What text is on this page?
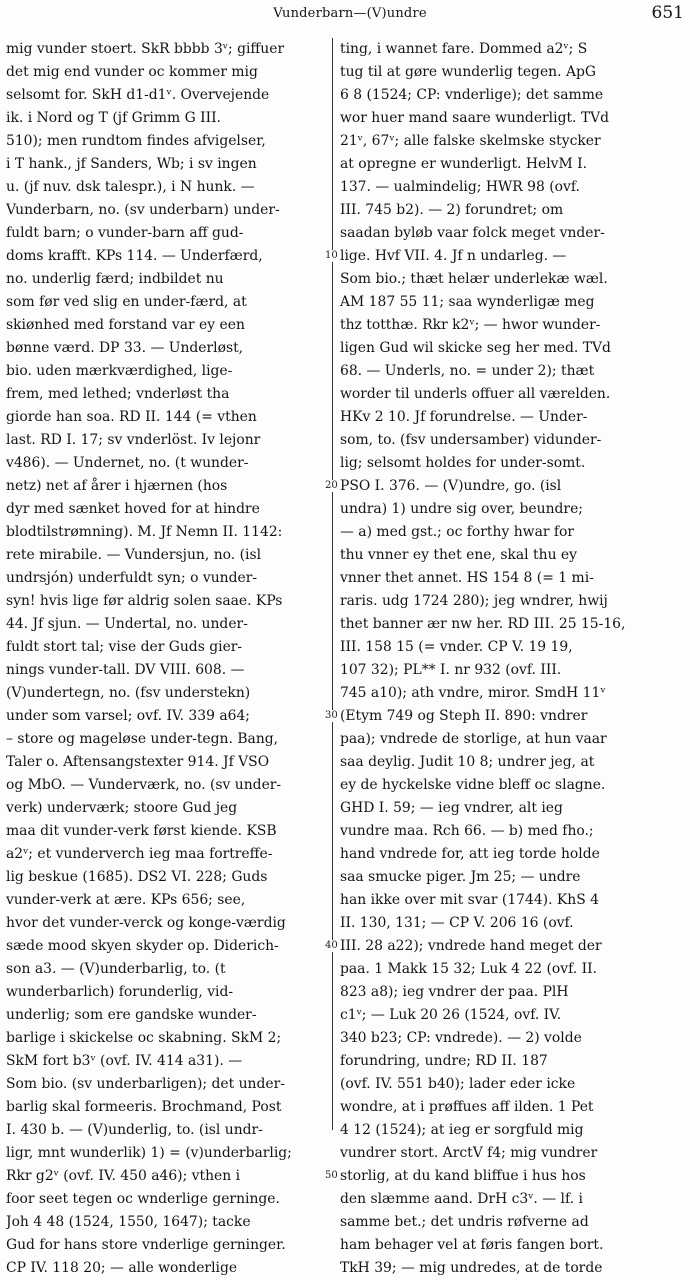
Vunderbarn—(V)undre	651
mig vunder stoert. SkR bbbb 3ᵛ; giffuer
det mig end vunder oc kommer mig
selsomt for. SkH d1-d1ᵛ. Overvejende
ik. i Nord og T (jf Grimm G III.
510); men rundtom findes afvigelser,
i T hank., jf Sanders, Wb; i sv ingen
u. (jf nuv. dsk talespr.), i N hunk. —
Vunderbarn, no. (sv underbarn) under-
fuldt barn; o vunder-barn aff gud-
doms krafft. KPs 114. — Underfærd,
no. underlig færd; indbildet nu
som før ved slig en under-færd, at
skiønhed med forstand var ey een
bønne værd. DP 33. — Underløst,
bio. uden mærkværdighed, lige-
frem, med lethed; vnderløst tha
giorde han soa. RD II. 144 (= vthen
last. RD I. 17; sv vnderlöst. Iv lejonr
v486). — Undernet, no. (t wunder-
netz) net af årer i hjærnen (hos
dyr med sænket hoved for at hindre
blodtilstrømning). M. Jf Nemn II. 1142:
rete mirabile. — Vundersjun, no. (isl
undrsjón) underfuldt syn; o vunder-
syn! hvis lige før aldrig solen saae. KPs
44. Jf sjun. — Undertal, no. under-
fuldt stort tal; vise der Guds gier-
nings vunder-tall. DV VIII. 608. —
(V)undertegn, no. (fsv understekn)
under som varsel; ovf. IV. 339 a64;
– store og mageløse under-tegn. Bang,
Taler o. Aftensangstexter 914. Jf VSO
og MbO. — Vunderværk, no. (sv under-
verk) underværk; stoore Gud jeg
maa dit vunder-verk først kiende. KSB
a2ᵛ; et vunderverch ieg maa fortreffe-
lig beskue (1685). DS2 VI. 228; Guds
vunder-verk at ære. KPs 656; see,
hvor det vunder-verck og konge-værdig
sæde mood skyen skyder op. Diderich-
son a3. — (V)underbarlig, to. (t
wunderbarlich) forunderlig, vid-
underlig; som ere gandske wunder-
barlige i skickelse oc skabning. SkM 2;
SkM fort b3ᵛ (ovf. IV. 414 a31). —
Som bio. (sv underbarligen); det under-
barlig skal formeeris. Brochmand, Post
I. 430 b. — (V)underlig, to. (isl undr-
ligr, mnt wunderlik) 1) = (v)underbarlig;
Rkr g2ᵛ (ovf. IV. 450 a46); vthen i
foor seet tegen oc wnderlige gerninge.
Joh 4 48 (1524, 1550, 1647); tacke
Gud for hans store vnderlige gerninger.
CP IV. 118 20; — alle wonderlige
ting, i wannet fare. Dommed a2ᵛ; S
tug til at gøre wunderlig tegen. ApG
6 8 (1524; CP: vnderlige); det samme
wor huer mand saare wunderligt. TVd
21ᵛ, 67ᵛ; alle falske skelmske stycker
at opregne er wunderligt. HelvM I.
137. — ualmindelig; HWR 98 (ovf.
III. 745 b2). — 2) forundret; om
saadan byløb vaar folck meget vnder-
lige. Hvf VII. 4. Jf n undarleg. —
Som bio.; thæt helær underlekæ wæl.
AM 187 55 11; saa wynderligæ meg
thz totthæ. Rkr k2ᵛ; — hwor wunder-
ligen Gud wil skicke seg her med. TVd
68. — Underls, no. = under 2); thæt
worder til underls offuer all værelden.
HKv 2 10. Jf forundrelse. — Under-
som, to. (fsv undersamber) vidunder-
lig; selsomt holdes for under-somt.
PSO I. 376. — (V)undre, go. (isl
undra) 1) undre sig over, beundre;
— a) med gst.; oc forthy hwar for
thu vnner ey thet ene, skal thu ey
vnner thet annet. HS 154 8 (= 1 mi-
raris. udg 1724 280); jeg wndrer, hwij
thet banner ær nw her. RD III. 25 15-16,
III. 158 15 (= vnder. CP V. 19 19,
107 32); PL** I. nr 932 (ovf. III.
745 a10); ath vndre, miror. SmdH 11ᵛ
(Etym 749 og Steph II. 890: vndrer
paa); vndrede de storlige, at hun vaar
saa deylig. Judit 10 8; undrer jeg, at
ey de hyckelske vidne bleff oc slagne.
GHD I. 59; — ieg vndrer, alt ieg
vundre maa. Rch 66. — b) med fho.;
hand vndrede for, att ieg torde holde
saa smucke piger. Jm 25; — undre
han ikke over mit svar (1744). KhS 4
II. 130, 131; — CP V. 206 16 (ovf.
III. 28 a22); vndrede hand meget der
paa. 1 Makk 15 32; Luk 4 22 (ovf. II.
823 a8); ieg vndrer der paa. PlH
c1ᵛ; — Luk 20 26 (1524, ovf. IV.
340 b23; CP: vndrede). — 2) volde
forundring, undre; RD II. 187
(ovf. IV. 551 b40); lader eder icke
wondre, at i prøffues aff ilden. 1 Pet
4 12 (1524); at ieg er sorgfuld mig
vundrer stort. ArctV f4; mig vundrer
storlig, at du kand bliffue i hus hos
den slæmme aand. DrH c3ᵛ. — lf. i
samme bet.; det undris røfverne ad
ham behager vel at føris fangen bort.
TkH 39; — mig undredes, at de torde
10
20
30
40
50
